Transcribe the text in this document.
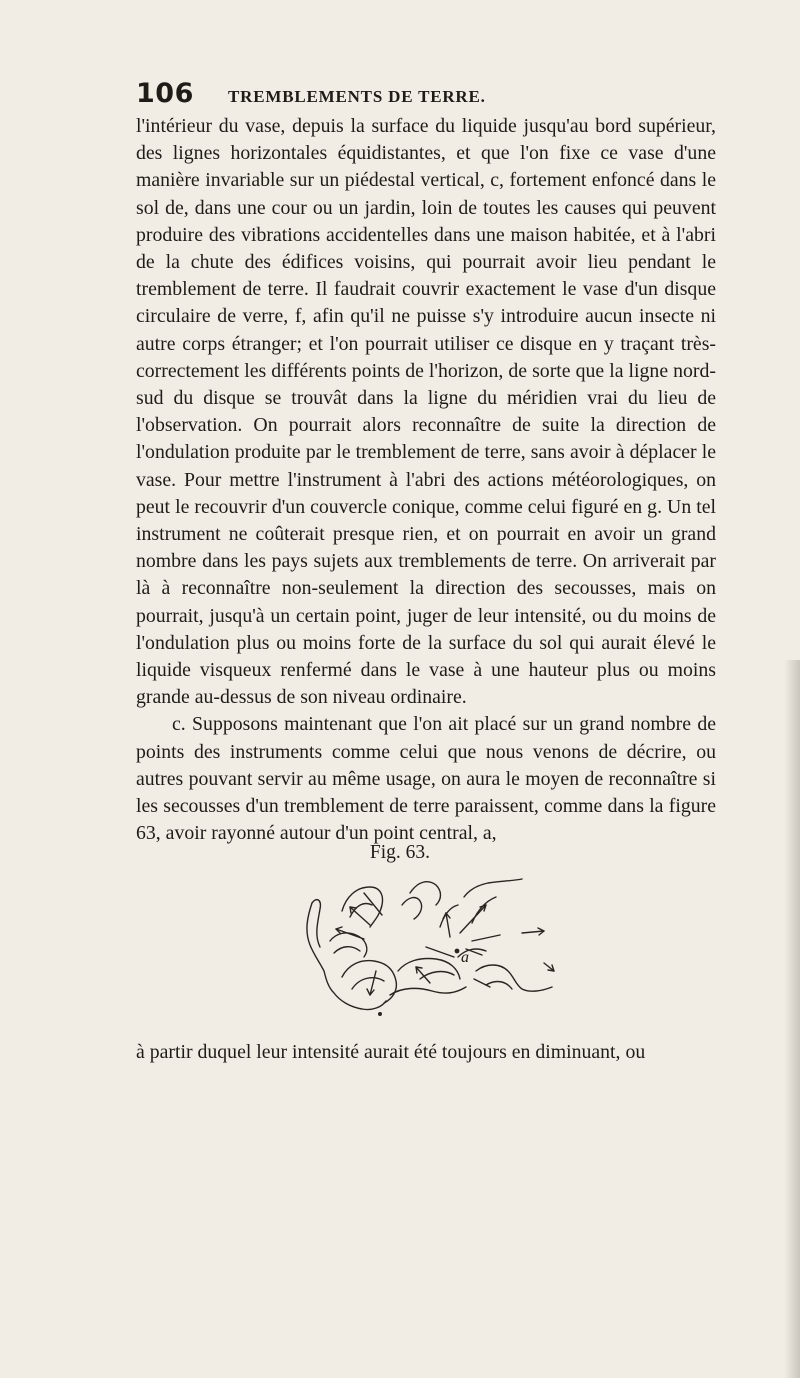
106 TREMBLEMENTS DE TERRE.

l'intérieur du vase, depuis la surface du liquide jusqu'au bord supérieur, des lignes horizontales équidistantes, et que l'on fixe ce vase d'une manière invariable sur un piédestal vertical, c, fortement enfoncé dans le sol de, dans une cour ou un jardin, loin de toutes les causes qui peuvent produire des vibrations accidentelles dans une maison habitée, et à l'abri de la chute des édifices voisins, qui pourrait avoir lieu pendant le tremblement de terre. Il faudrait couvrir exactement le vase d'un disque circulaire de verre, f, afin qu'il ne puisse s'y introduire aucun insecte ni autre corps étranger; et l'on pourrait utiliser ce disque en y traçant très-correctement les différents points de l'horizon, de sorte que la ligne nord-sud du disque se trouvât dans la ligne du méridien vrai du lieu de l'observation. On pourrait alors reconnaître de suite la direction de l'ondulation produite par le tremblement de terre, sans avoir à déplacer le vase. Pour mettre l'instrument à l'abri des actions météorologiques, on peut le recouvrir d'un couvercle conique, comme celui figuré en g. Un tel instrument ne coûterait presque rien, et on pourrait en avoir un grand nombre dans les pays sujets aux tremblements de terre. On arriverait par là à reconnaître non-seulement la direction des secousses, mais on pourrait, jusqu'à un certain point, juger de leur intensité, ou du moins de l'ondulation plus ou moins forte de la surface du sol qui aurait élevé le liquide visqueux renfermé dans le vase à une hauteur plus ou moins grande au-dessus de son niveau ordinaire.

c. Supposons maintenant que l'on ait placé sur un grand nombre de points des instruments comme celui que nous venons de décrire, ou autres pouvant servir au même usage, on aura le moyen de reconnaître si les secousses d'un tremblement de terre paraissent, comme dans la figure 63, avoir rayonné autour d'un point central, a,

Fig. 63.
a
à partir duquel leur intensité aurait été toujours en diminuant, ou
